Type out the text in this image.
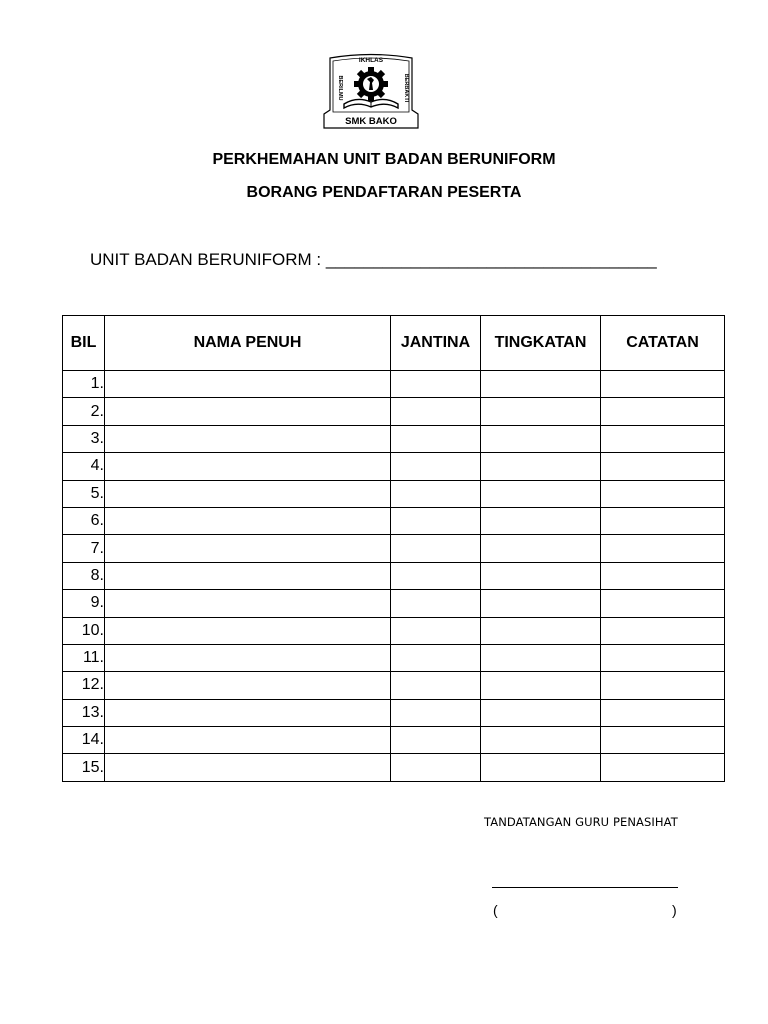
IKHLAS
BERILMU	BERBAKTI
SMK BAKO
PERKHEMAHAN UNIT BADAN BERUNIFORM
BORANG PENDAFTARAN PESERTA
UNIT BADAN BERUNIFORM : ___________________________________
BIL	NAMA PENUH	JANTINA	TINGKATAN	CATATAN
1.				
2.				
3.				
4.				
5.				
6.				
7.				
8.				
9.				
10.				
11.				
12.				
13.				
14.				
15.				
TANDATANGAN GURU PENASIHAT
(	)
